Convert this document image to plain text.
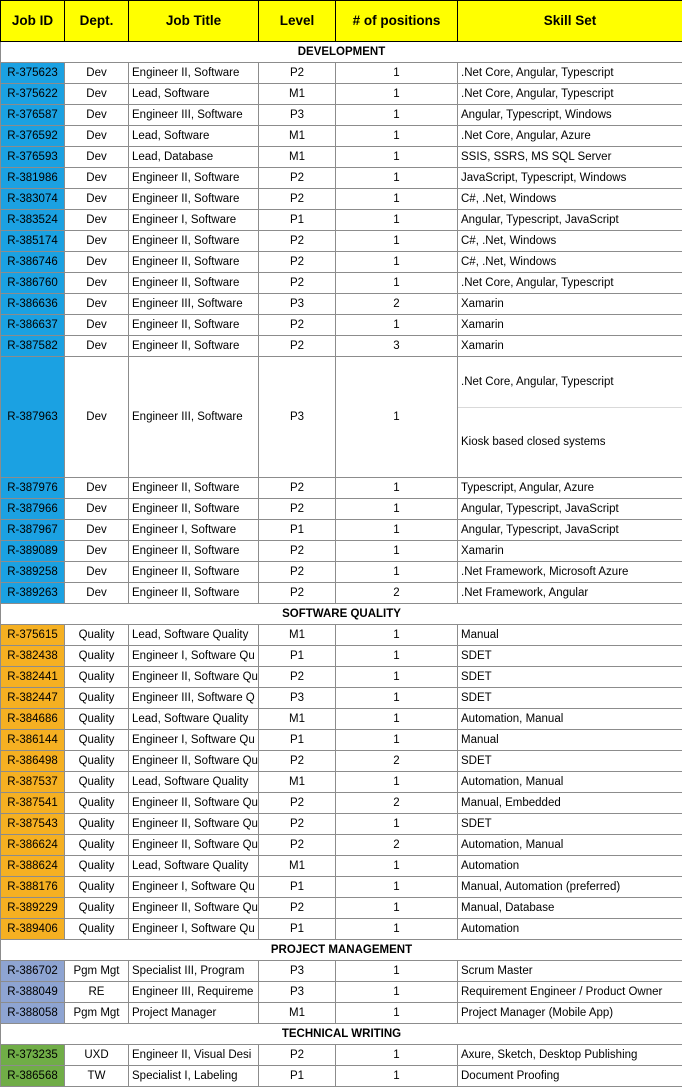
Job ID	Dept.	Job Title	Level	# of positions	Skill Set
DEVELOPMENT					
R-375623	Dev	Engineer II, Software	P2	1	.Net Core, Angular, Typescript
R-375622	Dev	Lead, Software	M1	1	.Net Core, Angular, Typescript
R-376587	Dev	Engineer III, Software	P3	1	Angular, Typescript, Windows
R-376592	Dev	Lead, Software	M1	1	.Net Core, Angular, Azure
R-376593	Dev	Lead, Database	M1	1	SSIS, SSRS, MS SQL Server
R-381986	Dev	Engineer II, Software	P2	1	JavaScript, Typescript, Windows
R-383074	Dev	Engineer II, Software	P2	1	C#, .Net, Windows
R-383524	Dev	Engineer I, Software	P1	1	Angular, Typescript, JavaScript
R-385174	Dev	Engineer II, Software	P2	1	C#, .Net, Windows
R-386746	Dev	Engineer II, Software	P2	1	C#, .Net, Windows
R-386760	Dev	Engineer II, Software	P2	1	.Net Core, Angular, Typescript
R-386636	Dev	Engineer III, Software	P3	2	Xamarin
R-386637	Dev	Engineer II, Software	P2	1	Xamarin
R-387582	Dev	Engineer II, Software	P2	3	Xamarin
R-387963	Dev	Engineer III, Software	P3	1	.Net Core, Angular, Typescript
Kiosk based closed systems

R-387976	Dev	Engineer II, Software	P2	1	Typescript, Angular, Azure
R-387966	Dev	Engineer II, Software	P2	1	Angular, Typescript, JavaScript
R-387967	Dev	Engineer I, Software	P1	1	Angular, Typescript, JavaScript
R-389089	Dev	Engineer II, Software	P2	1	Xamarin
R-389258	Dev	Engineer II, Software	P2	1	.Net Framework, Microsoft Azure
R-389263	Dev	Engineer II, Software	P2	2	.Net Framework, Angular
SOFTWARE QUALITY					
R-375615	Quality	Lead, Software Quality	M1	1	Manual
R-382438	Quality	Engineer I, Software Qu	P1	1	SDET
R-382441	Quality	Engineer II, Software Qu	P2	1	SDET
R-382447	Quality	Engineer III, Software Q	P3	1	SDET
R-384686	Quality	Lead, Software Quality	M1	1	Automation, Manual
R-386144	Quality	Engineer I, Software Qu	P1	1	Manual
R-386498	Quality	Engineer II, Software Qu	P2	2	SDET
R-387537	Quality	Lead, Software Quality	M1	1	Automation, Manual
R-387541	Quality	Engineer II, Software Qu	P2	2	Manual, Embedded
R-387543	Quality	Engineer II, Software Qu	P2	1	SDET
R-386624	Quality	Engineer II, Software Qu	P2	2	Automation, Manual
R-388624	Quality	Lead, Software Quality	M1	1	Automation
R-388176	Quality	Engineer I, Software Qu	P1	1	Manual, Automation (preferred)
R-389229	Quality	Engineer II, Software Qu	P2	1	Manual, Database
R-389406	Quality	Engineer I, Software Qu	P1	1	Automation
PROJECT MANAGEMENT					
R-386702	Pgm Mgt	Specialist III, Program	P3	1	Scrum Master
R-388049	RE	Engineer III, Requireme	P3	1	Requirement Engineer / Product Owner
R-388058	Pgm Mgt	Project Manager	M1	1	Project Manager (Mobile App)
TECHNICAL WRITING					
R-373235	UXD	Engineer II, Visual Desi	P2	1	Axure, Sketch, Desktop Publishing
R-386568	TW	Specialist I, Labeling	P1	1	Document Proofing
